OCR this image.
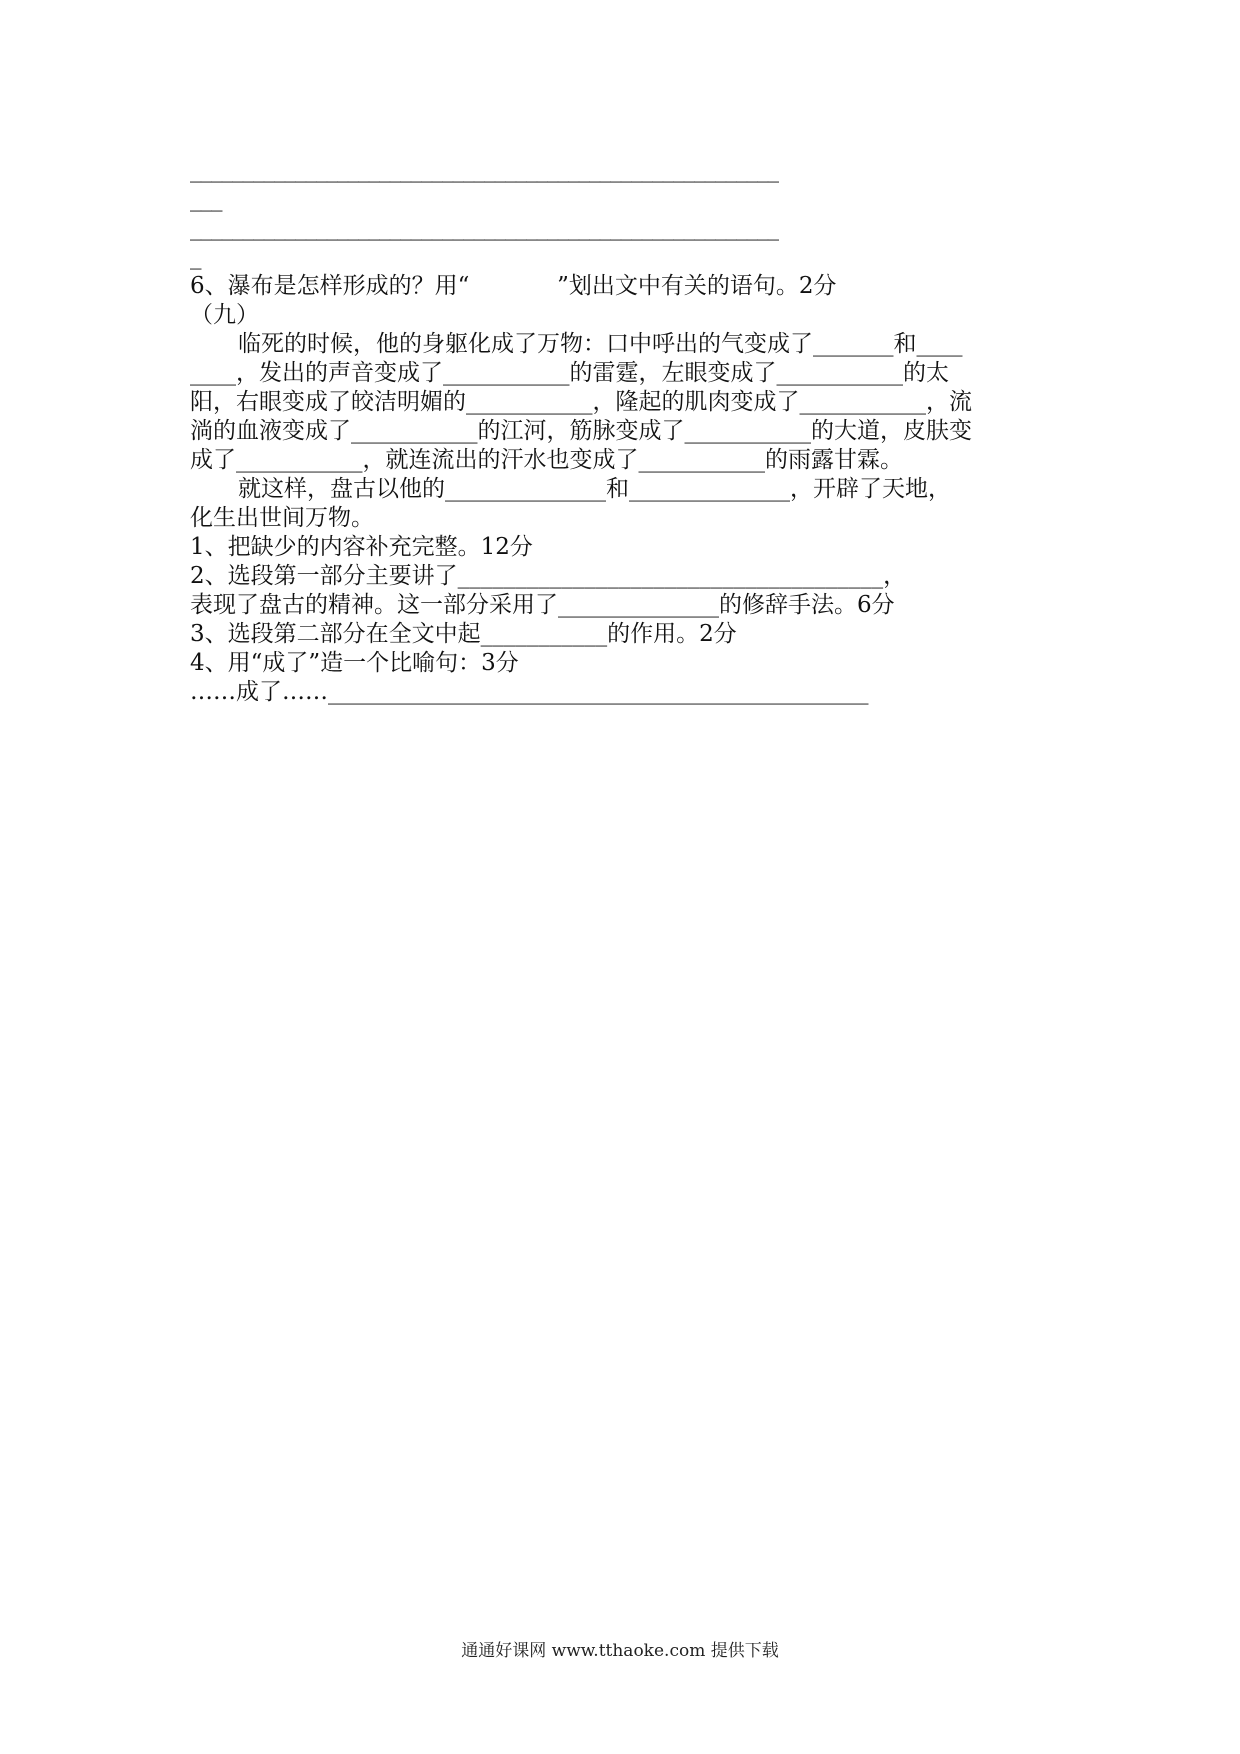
________________________________________________________
___
________________________________________________________
_
6、瀑布是怎样形成的？用“            ”划出文中有关的语句。2分
（九）
临死的时候，他的身躯化成了万物：口中呼出的气变成了_______和____
____，发出的声音变成了___________的雷霆，左眼变成了___________的太
阳，右眼变成了皎洁明媚的___________，隆起的肌肉变成了___________，流
淌的血液变成了___________的江河，筋脉变成了___________的大道，皮肤变
成了___________，就连流出的汗水也变成了___________的雨露甘霖。
就这样，盘古以他的______________和______________，开辟了天地，
化生出世间万物。
1、把缺少的内容补充完整。12分
2、选段第一部分主要讲了_____________________________________，
表现了盘古的精神。这一部分采用了______________的修辞手法。6分
3、选段第二部分在全文中起___________的作用。2分
4、用“成了”造一个比喻句：3分
……成了……_______________________________________________
通通好课网 www.tthaoke.com 提供下载
